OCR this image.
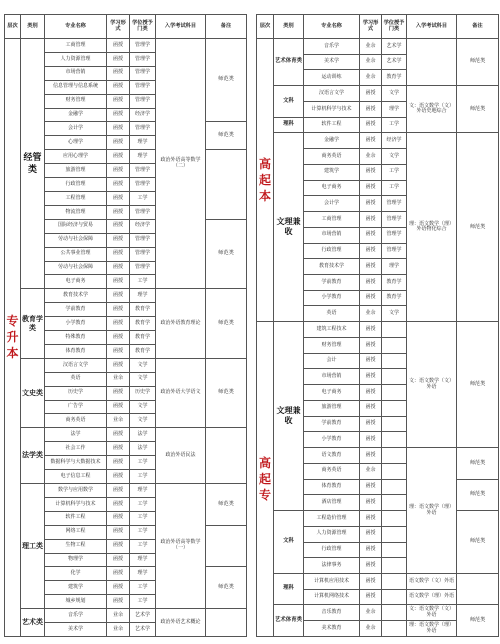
层次	类别	专业名称	学习形式	学位授予门类	入学考试科目	备注
专升本	经管类	工商管理	函授	管理学	政治外语高等数学（二）	师范类
		人力资源管理	函授	管理学		
		市场营销	函授	管理学		
		信息管理与信息系统	函授	管理学		
		财务管理	函授	管理学		
		金融学	函授	经济学		
		会计学	函授	管理学		师范类
		心理学	函授	理学		
		应用心理学	函授	理学		
		旅游管理	函授	管理学		
		行政管理	函授	管理学		
		工程管理	函授	工学		
		物流管理	函授	管理学		
		国际经济与贸易	函授	经济学		师范类
		劳动与社会保障	函授	管理学		
		公共事业管理	函授	管理学		
		劳动与社会保障	函授	管理学		
		电子商务	函授	工学		
	教育学类	教育技术学	函授	理学	政治外语教育理论	师范类
		学前教育	函授	教育学		
		小学教育	函授	教育学		
		特殊教育	函授	教育学		
		体育教育	函授	教育学		
	文史类	汉语言文学	函授	文学	政治外语大学语文	师范类
		英语	业余	文学		
		历史学	函授	历史学		
		广告学	函授	文学		
		商务英语	业余	文学		
	法学类	法学	函授	法学	政治外语民法	
		社会工作	函授	法学		
		数据科学与大数据技术	函授	工学		
		电子信息工程	函授	工学		
	理工类	数学与应用数学	函授	理学	政治外语高等数学（一）	师范类
		计算机科学与技术	函授	工学		
		软件工程	函授	工学		
		网络工程	函授	工学		
		生物工程	函授	工学		
		物理学	函授	理学		
		化学	函授	理学		师范类
		建筑学	函授	工学		
		城乡规划	函授	工学		
	艺术类	音乐学	业余	艺术学	政治外语艺术概论	
		美术学	业余	艺术学		
层次	类别	专业名称	学习形式	学位授予门类	入学考试科目	备注
高起本	艺术体育类	音乐学	业余	艺术学		师范类
		美术学	业余	艺术学		
		运动训练	业余	教育学		
	文科	汉语言文学	函授	文学	文：语文数学（文）外语史地综合	师范类
		计算机科学与技术	函授	理学		
	理科	软件工程	函授	工学		
	文理兼收	金融学	函授	经济学	理：语文数学（理）外语物化综合	师范类
		商务英语	业余	文学		
		建筑学	函授	工学		
		电子商务	函授	工学		
		会计学	函授	管理学		
		工商管理	函授	管理学		
		市场营销	函授	管理学		
		行政管理	函授	管理学		
		教育技术学	函授	理学		
		学前教育	函授	教育学		
		小学教育	函授	教育学		
		英语	业余	文学		
高起专	文理兼收	建筑工程技术	函授		文：语文数学（文）外语	师范类
		财务管理	函授			
		会计	函授			
		市场营销	函授			
		电子商务	函授			
		旅游管理	函授			
		学前教育	函授			
		小学教育	函授			
		语文教育	函授		理：语文数学（理）外语	师范类
		商务英语	业余			
		体育教育	函授			师范类
		酒店管理	函授			
	文科	工程造价管理	函授			师范类
		人力资源管理	函授			
		行政管理	函授			
		法律事务	函授			
	理科	计算机应用技术	函授		语文数学（文）外语	
		计算机网络技术	函授		语文数学（理）外语	
	艺术体育类	音乐教育	业余		文：语文数学（文）外语	师范类
		美术教育	业余		理：语文数学（理）外语	
